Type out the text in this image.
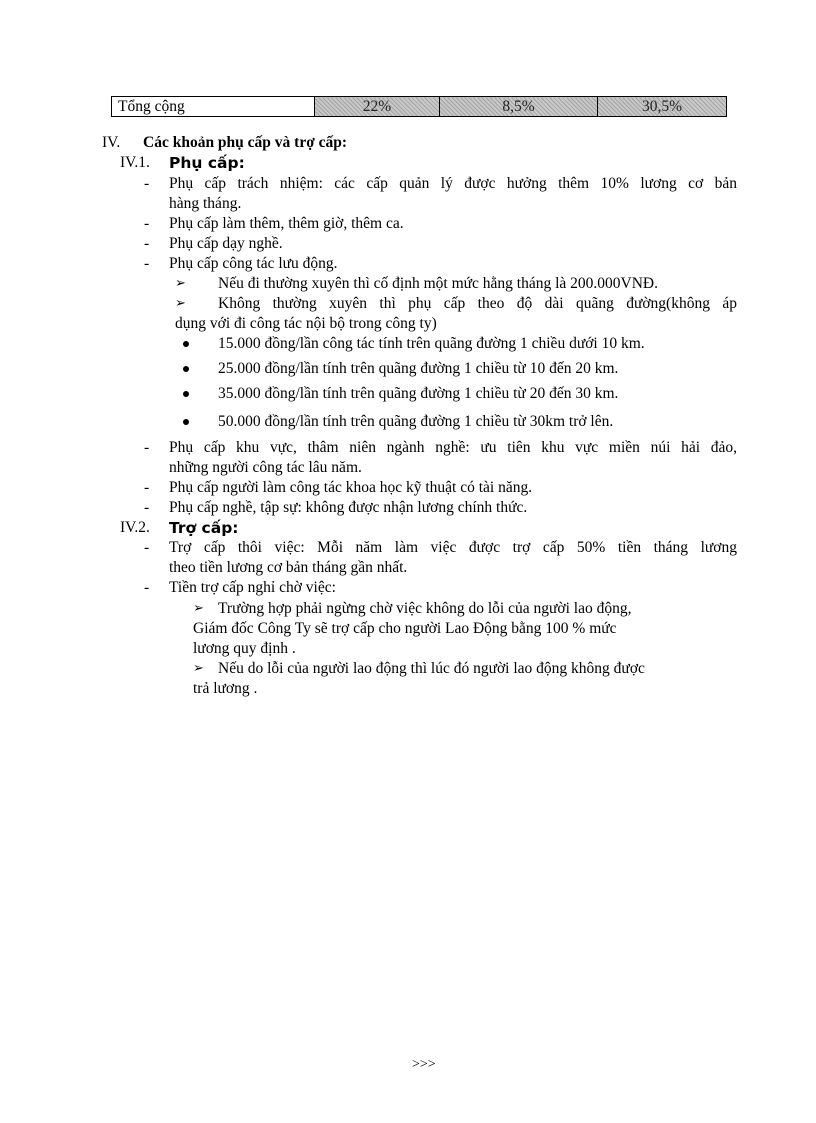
Tổng cộng	22%	8,5%	30,5%
IV. Các khoản phụ cấp và trợ cấp:
IV.1. Phụ cấp:
- Phụ cấp trách nhiệm: các cấp quản lý được hưởng thêm 10% lương cơ bản
hàng tháng.
- Phụ cấp làm thêm, thêm giờ, thêm ca.
- Phụ cấp dạy nghề.
- Phụ cấp công tác lưu động.
➢ Nếu đi thường xuyên thì cố định một mức hằng tháng là 200.000VNĐ.
➢ Không thường xuyên thì phụ cấp theo độ dài quãng đường(không áp
dụng với đi công tác nội bộ trong công ty)
15.000 đồng/lần công tác tính trên quãng đường 1 chiều dưới 10 km.
25.000 đồng/lần tính trên quãng đường 1 chiều từ 10 đến 20 km.
35.000 đồng/lần tính trên quãng đường 1 chiều từ 20 đến 30 km.
50.000 đồng/lần tính trên quãng đường 1 chiều từ 30km trở lên.
- Phụ cấp khu vực, thâm niên ngành nghề: ưu tiên khu vực miền núi hải đảo,
những người công tác lâu năm.
- Phụ cấp người làm công tác khoa học kỹ thuật có tài năng.
- Phụ cấp nghề, tập sự: không được nhận lương chính thức.
IV.2. Trợ cấp:
- Trợ cấp thôi việc: Mỗi năm làm việc được trợ cấp 50% tiền tháng lương
theo tiền lương cơ bản tháng gần nhất.
- Tiền trợ cấp nghỉ chờ việc:
➢ Trường hợp phải ngừng chờ việc không do lỗi của người lao động,
Giám đốc Công Ty sẽ trợ cấp cho người Lao Động bằng 100 % mức
lương quy định .
➢ Nếu do lỗi của người lao động thì lúc đó người lao động không được
trả lương .
>>>
